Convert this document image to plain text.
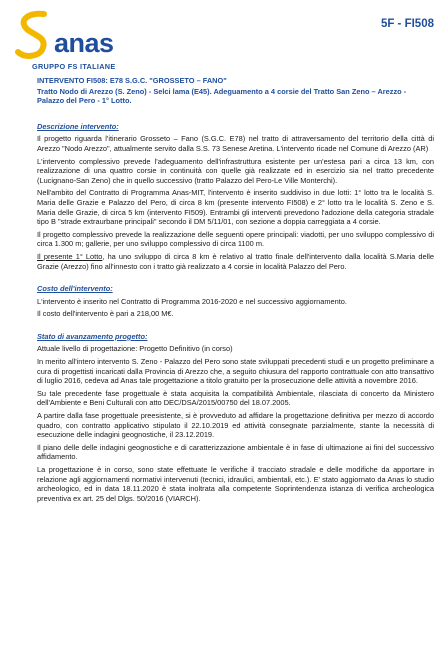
anas
GRUPPO FS ITALIANE
5F - FI508
INTERVENTO FI508: E78 S.G.C. "GROSSETO – FANO"
Tratto Nodo di Arezzo (S. Zeno) - Selci lama (E45). Adeguamento a 4 corsie del Tratto San Zeno – Arezzo - Palazzo del Pero - 1° Lotto.
Descrizione intervento:

Il progetto riguarda l'itinerario Grosseto – Fano (S.G.C. E78) nel tratto di attraversamento del territorio della città di Arezzo "Nodo Arezzo", attualmente servito dalla S.S. 73 Senese Aretina. L'intervento ricade nel Comune di Arezzo (AR)

L'intervento complessivo prevede l'adeguamento dell'infrastruttura esistente per un'estesa pari a circa 13 km, con realizzazione di una quattro corsie in continuità con quelle già realizzate ed in esercizio sia nel tratto precedente (Lucignano-San Zeno) che in quello successivo (tratto Palazzo del Pero-Le Ville Monterchi).

Nell'ambito del Contratto di Programma Anas-MIT, l'intervento è inserito suddiviso in due lotti: 1° lotto tra le località S. Maria delle Grazie e Palazzo del Pero, di circa 8 km (presente intervento FI508) e 2° lotto tra le località S. Zeno e S. Maria delle Grazie, di circa 5 km (intervento FI509). Entrambi gli interventi prevedono l'adozione della categoria stradale tipo B "strade extraurbane principali" secondo il DM 5/11/01, con sezione a doppia carreggiata a 4 corsie.

Il progetto complessivo prevede la realizzazione delle seguenti opere principali: viadotti, per uno sviluppo complessivo di circa 1.300 m; gallerie, per uno sviluppo complessivo di circa 1100 m.

Il presente 1° Lotto, ha uno sviluppo di circa 8 km è relativo al tratto finale dell'intervento dalla località S.Maria delle Grazie (Arezzo) fino all'innesto con i tratto già realizzato a 4 corsie in località Palazzo del Pero.

Costo dell'intervento:

L'intervento è inserito nel Contratto di Programma 2016-2020 e nel successivo aggiornamento.

Il costo dell'intervento è pari a 218,00 M€.

Stato di avanzamento progetto:
Attuale livello di progettazione: Progetto Definitivo (in corso)

In merito all'intero intervento S. Zeno - Palazzo del Pero sono state sviluppati precedenti studi e un progetto preliminare a cura di progettisti incaricati dalla Provincia di Arezzo che, a seguito chiusura del rapporto contrattuale con atto transattivo di luglio 2016, cedeva ad Anas tale progettazione a titolo gratuito per la prosecuzione delle attività a novembre 2016.

Su tale precedente fase progettuale è stata acquisita la compatibilità Ambientale, rilasciata di concerto da Ministero dell'Ambiente e Beni Culturali con atto DEC/DSA/2015/00750 del 18.07.2005.

A partire dalla fase progettuale preesistente, si è provveduto ad affidare la progettazione definitiva per mezzo di accordo quadro, con contratto applicativo stipulato il 22.10.2019 ed attività consegnate parzialmente, stante la necessità di esecuzione delle indagini geognostiche, il 23.12.2019.

Il piano delle delle indagini geognostiche e di caratterizzazione ambientale è in fase di ultimazione ai fini del successivo affidamento.

La progettazione è in corso, sono state effettuate le verifiche il tracciato stradale e delle modifiche da apportare in relazione agli aggiornamenti normativi intervenuti (tecnici, idraulici, ambientali, etc.). E' stato aggiornato da Anas lo studio archeologico, ed in data 18.11.2020 è stata inoltrata alla competente Soprintendenza istanza di verifica archeologica preventiva ex art. 25 del Dlgs. 50/2016 (VIARCH).
